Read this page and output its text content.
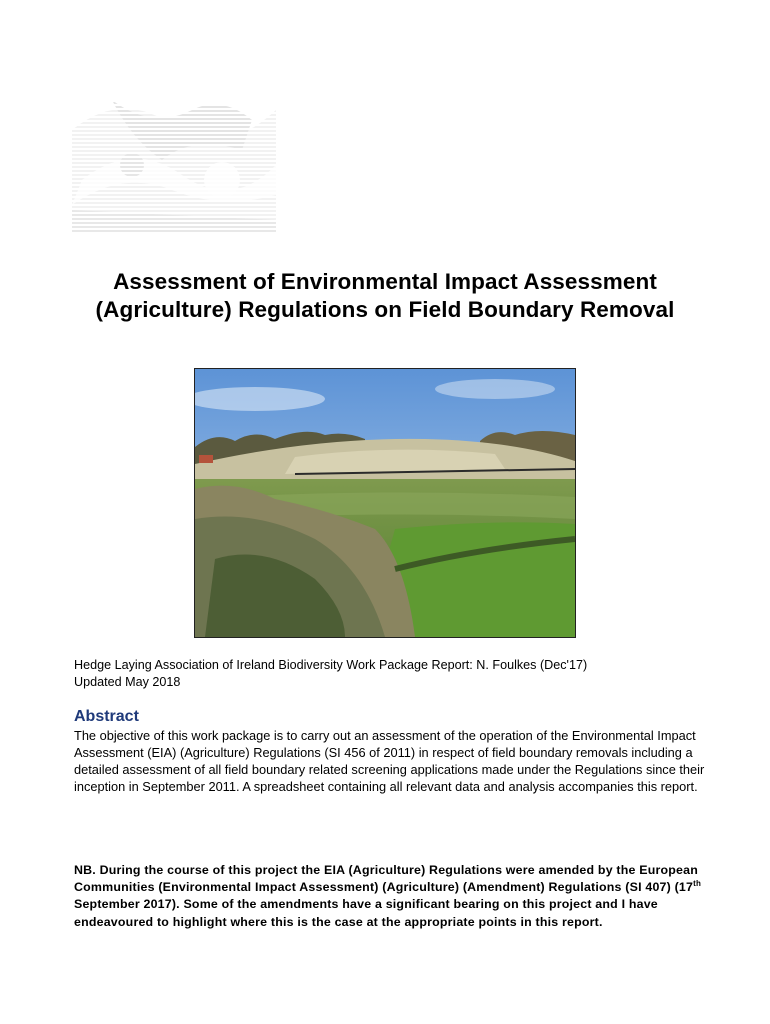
Assessment of Environmental Impact Assessment (Agriculture) Regulations on Field Boundary Removal
Hedge Laying Association of Ireland Biodiversity Work Package Report: N. Foulkes (Dec'17)
Updated May 2018
Abstract

The objective of this work package is to carry out an assessment of the operation of the Environmental Impact Assessment (EIA) (Agriculture) Regulations (SI 456 of 2011) in respect of field boundary removals including a detailed assessment of all field boundary related screening applications made under the Regulations since their inception in September 2011. A spreadsheet containing all relevant data and analysis accompanies this report.

NB. During the course of this project the EIA (Agriculture) Regulations were amended by the European Communities (Environmental Impact Assessment) (Agriculture) (Amendment) Regulations (SI 407) (17th September 2017). Some of the amendments have a significant bearing on this project and I have endeavoured to highlight where this is the case at the appropriate points in this report.
